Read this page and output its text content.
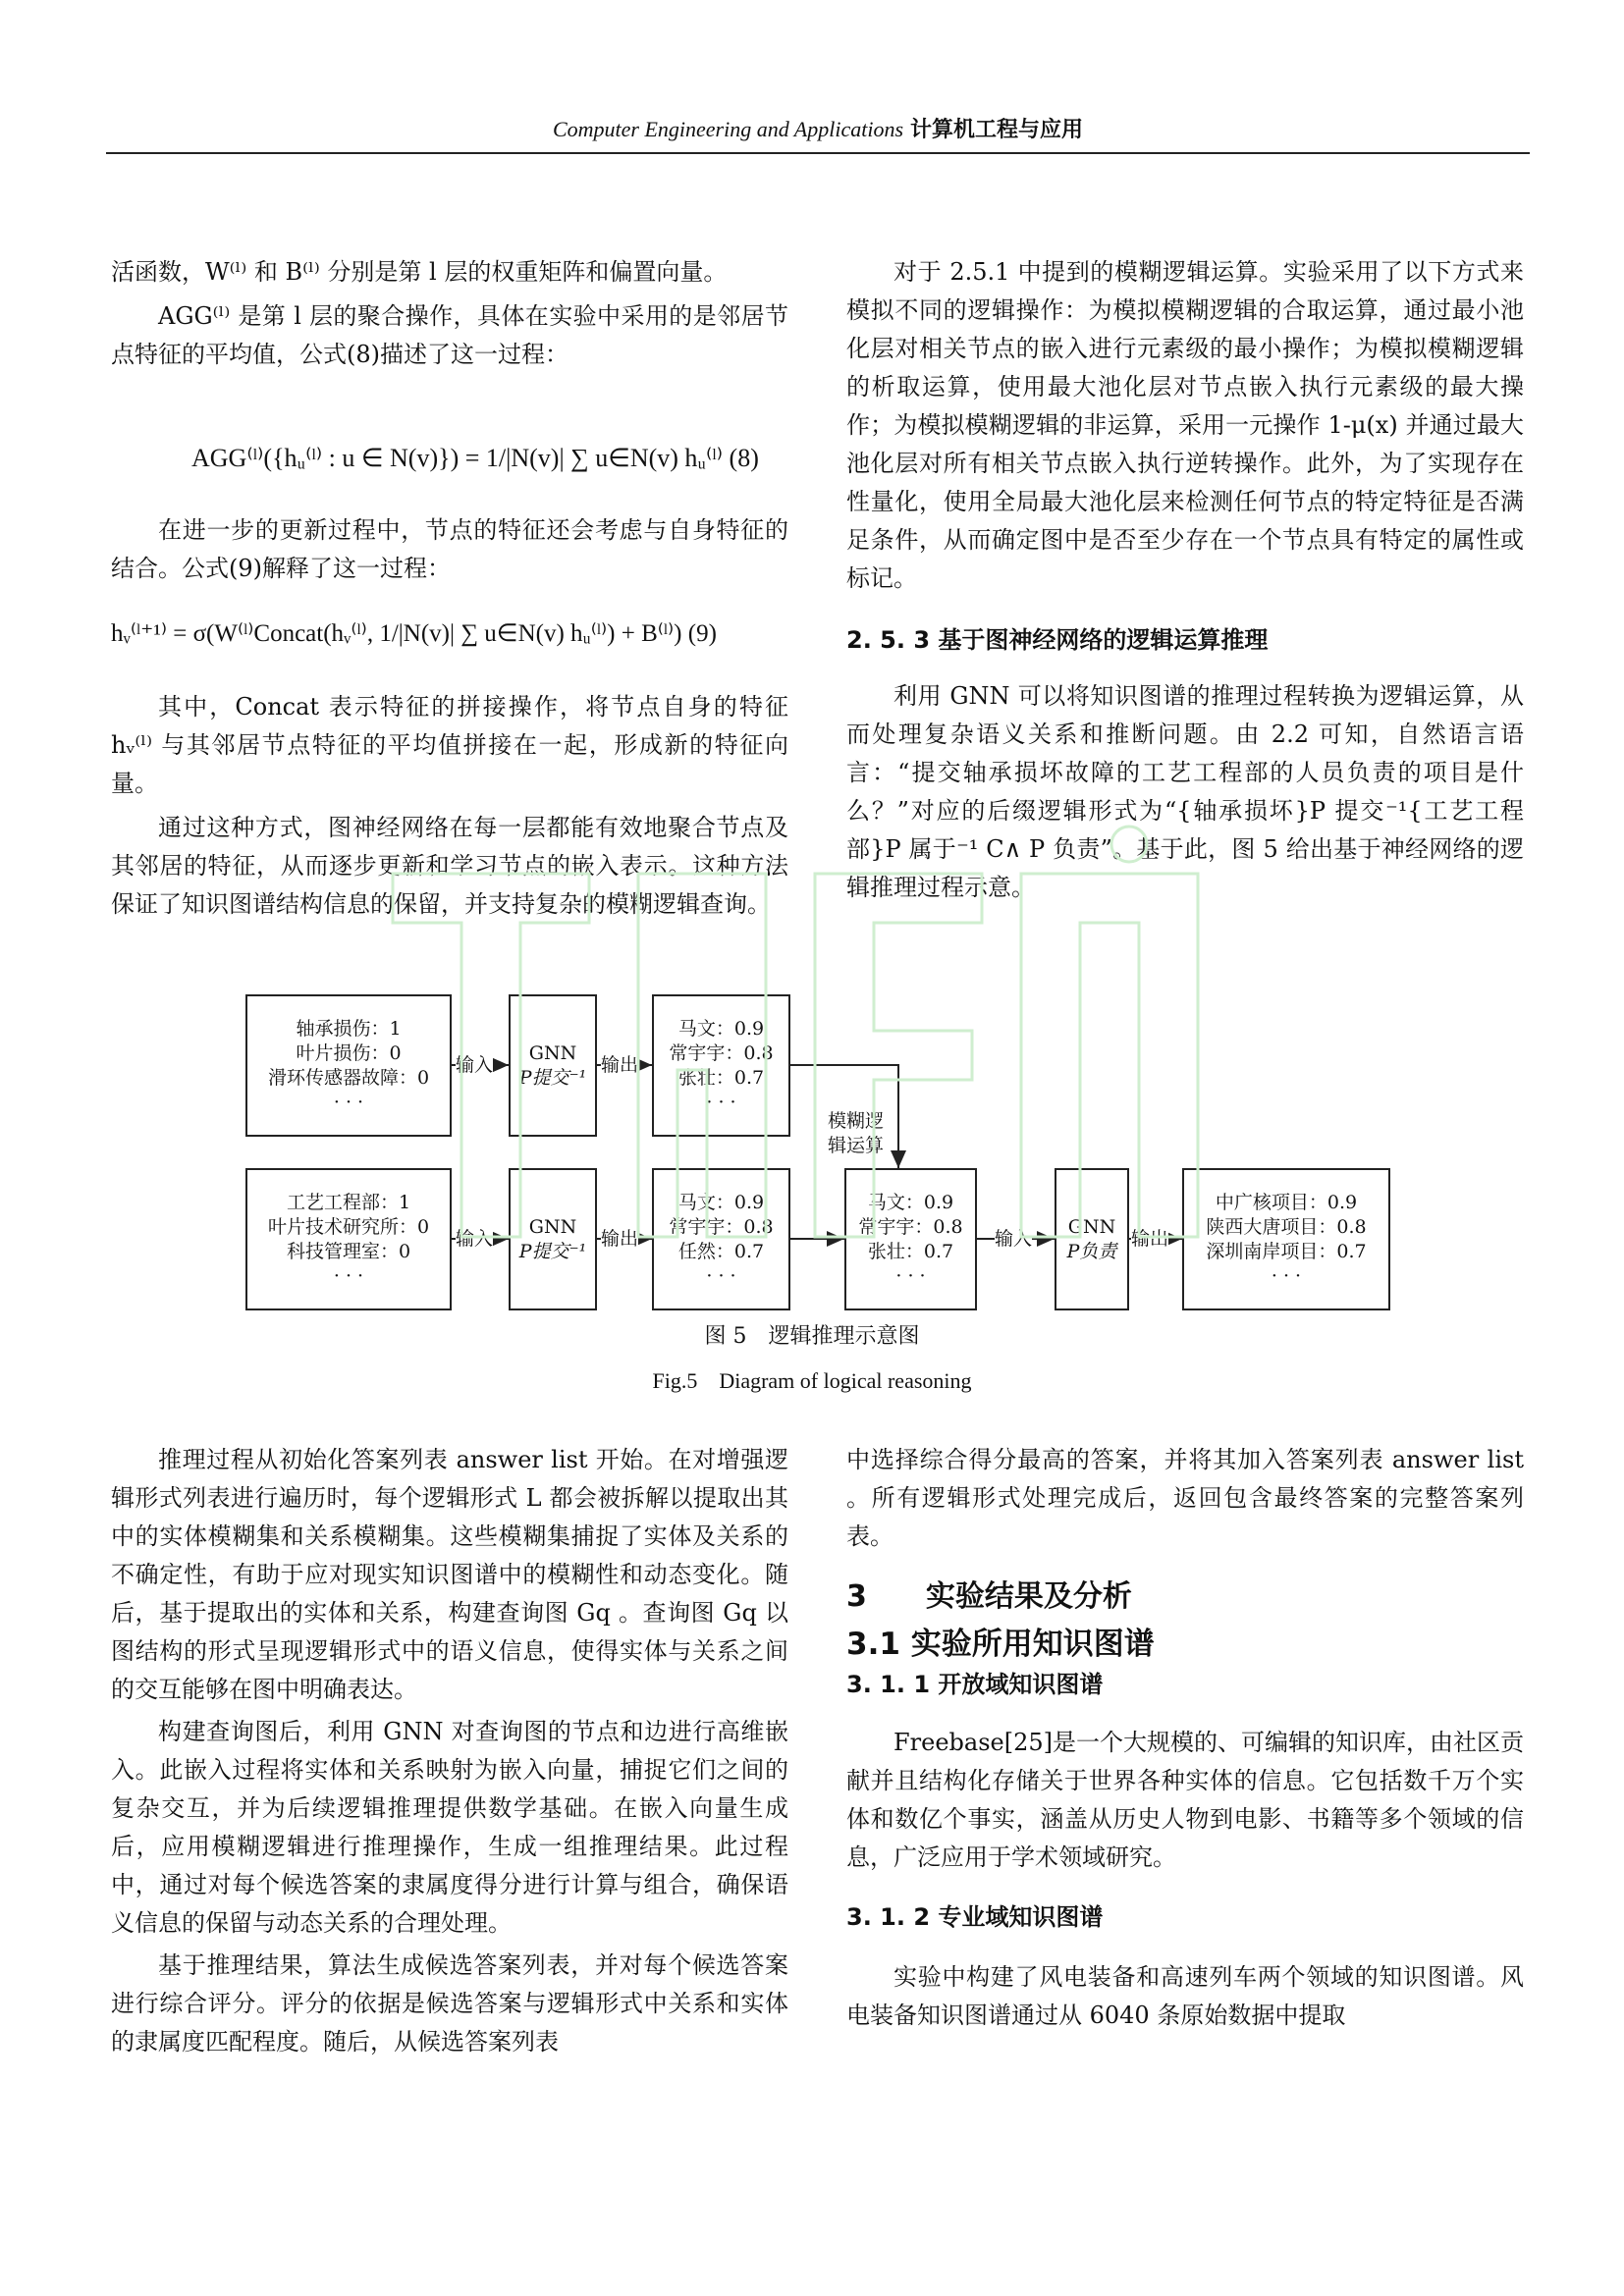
Computer Engineering and Applications 计算机工程与应用

活函数，W⁽ˡ⁾ 和 B⁽ˡ⁾ 分别是第 l 层的权重矩阵和偏置向量。

AGG⁽ˡ⁾ 是第 l 层的聚合操作，具体在实验中采用的是邻居节点特征的平均值，公式(8)描述了这一过程：

AGG⁽ˡ⁾({hᵤ⁽ˡ⁾ : u ∈ N(v)}) = 1/|N(v)| ∑ u∈N(v) hᵤ⁽ˡ⁾ (8)

在进一步的更新过程中，节点的特征还会考虑与自身特征的结合。公式(9)解释了这一过程：

hᵥ⁽ˡ⁺¹⁾ = σ(W⁽ˡ⁾Concat(hᵥ⁽ˡ⁾, 1/|N(v)| ∑ u∈N(v) hᵤ⁽ˡ⁾) + B⁽ˡ⁾) (9)

其中，Concat 表示特征的拼接操作，将节点自身的特征 hᵥ⁽ˡ⁾ 与其邻居节点特征的平均值拼接在一起，形成新的特征向量。

通过这种方式，图神经网络在每一层都能有效地聚合节点及其邻居的特征，从而逐步更新和学习节点的嵌入表示。这种方法保证了知识图谱结构信息的保留，并支持复杂的模糊逻辑查询。

对于 2.5.1 中提到的模糊逻辑运算。实验采用了以下方式来模拟不同的逻辑操作：为模拟模糊逻辑的合取运算，通过最小池化层对相关节点的嵌入进行元素级的最小操作；为模拟模糊逻辑的析取运算，使用最大池化层对节点嵌入执行元素级的最大操作；为模拟模糊逻辑的非运算，采用一元操作 1-μ(x) 并通过最大池化层对所有相关节点嵌入执行逆转操作。此外，为了实现存在性量化，使用全局最大池化层来检测任何节点的特定特征是否满足条件，从而确定图中是否至少存在一个节点具有特定的属性或标记。

2. 5. 3 基于图神经网络的逻辑运算推理

利用 GNN 可以将知识图谱的推理过程转换为逻辑运算，从而处理复杂语义关系和推断问题。由 2.2 可知，自然语言语言：“提交轴承损坏故障的工艺工程部的人员负责的项目是什么？”对应的后缀逻辑形式为“{轴承损坏}P 提交⁻¹{工艺工程部}P 属于⁻¹ C∧ P 负责”。基于此，图 5 给出基于神经网络的逻辑推理过程示意。

轴承损伤：1
叶片损伤：0
滑环传感器故障：0
· · ·
输入
GNN
P提交⁻¹
输出
马文：0.9
常宇宇：0.8
张壮：0.7
· · ·
模糊逻
辑运算
工艺工程部：1
叶片技术研究所：0
科技管理室：0
· · ·
输入
GNN
P提交⁻¹
输出
马文：0.9
常宇宇：0.8
任然：0.7
· · ·
马文：0.9
常宇宇：0.8
张壮：0.7
· · ·
输入
GNN
P负责
输出
中广核项目：0.9
陕西大唐项目：0.8
深圳南岸项目：0.7
· · ·
图 5　逻辑推理示意图
Fig.5　Diagram of logical reasoning

推理过程从初始化答案列表 answer list 开始。在对增强逻辑形式列表进行遍历时，每个逻辑形式 L 都会被拆解以提取出其中的实体模糊集和关系模糊集。这些模糊集捕捉了实体及关系的不确定性，有助于应对现实知识图谱中的模糊性和动态变化。随后，基于提取出的实体和关系，构建查询图 Gq 。查询图 Gq 以图结构的形式呈现逻辑形式中的语义信息，使得实体与关系之间的交互能够在图中明确表达。

构建查询图后，利用 GNN 对查询图的节点和边进行高维嵌入。此嵌入过程将实体和关系映射为嵌入向量，捕捉它们之间的复杂交互，并为后续逻辑推理提供数学基础。在嵌入向量生成后，应用模糊逻辑进行推理操作，生成一组推理结果。此过程中，通过对每个候选答案的隶属度得分进行计算与组合，确保语义信息的保留与动态关系的合理处理。

基于推理结果，算法生成候选答案列表，并对每个候选答案进行综合评分。评分的依据是候选答案与逻辑形式中关系和实体的隶属度匹配程度。随后，从候选答案列表

中选择综合得分最高的答案，并将其加入答案列表 answer list 。所有逻辑形式处理完成后，返回包含最终答案的完整答案列表。

3　　实验结果及分析

3.1 实验所用知识图谱

3. 1. 1 开放域知识图谱

Freebase[25]是一个大规模的、可编辑的知识库，由社区贡献并且结构化存储关于世界各种实体的信息。它包括数千万个实体和数亿个事实，涵盖从历史人物到电影、书籍等多个领域的信息，广泛应用于学术领域研究。

3. 1. 2 专业域知识图谱

实验中构建了风电装备和高速列车两个领域的知识图谱。风电装备知识图谱通过从 6040 条原始数据中提取
